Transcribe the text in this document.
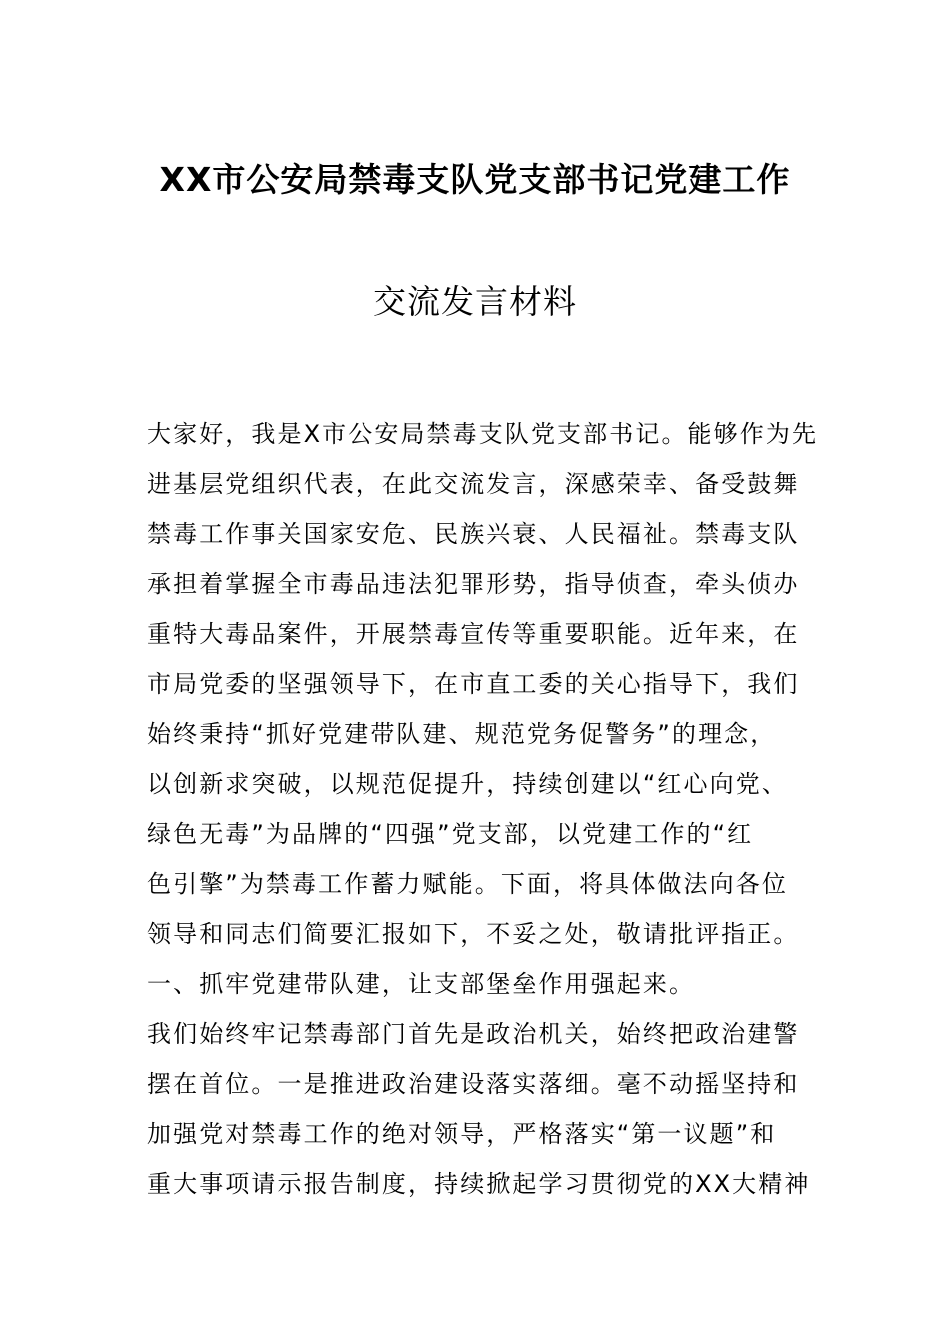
XX市公安局禁毒支队党支部书记党建工作
交流发言材料
大家好，我是X市公安局禁毒支队党支部书记。能够作为先
进基层党组织代表，在此交流发言，深感荣幸、备受鼓舞
禁毒工作事关国家安危、民族兴衰、人民福祉。禁毒支队
承担着掌握全市毒品违法犯罪形势，指导侦查，牵头侦办
重特大毒品案件，开展禁毒宣传等重要职能。近年来，在
市局党委的坚强领导下，在市直工委的关心指导下，我们
始终秉持“抓好党建带队建、规范党务促警务”的理念，
以创新求突破，以规范促提升，持续创建以“红心向党、
绿色无毒”为品牌的“四强”党支部，以党建工作的“红
色引擎”为禁毒工作蓄力赋能。下面，将具体做法向各位
领导和同志们简要汇报如下，不妥之处，敬请批评指正。
一、抓牢党建带队建，让支部堡垒作用强起来。
我们始终牢记禁毒部门首先是政治机关，始终把政治建警
摆在首位。一是推进政治建设落实落细。毫不动摇坚持和
加强党对禁毒工作的绝对领导，严格落实“第一议题”和
重大事项请示报告制度，持续掀起学习贯彻党的XX大精神
